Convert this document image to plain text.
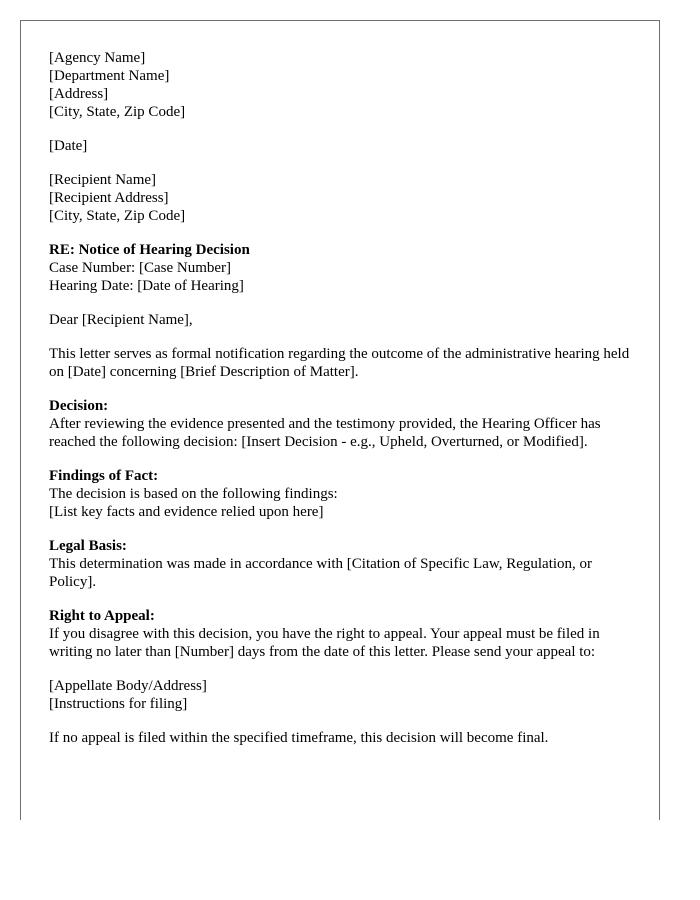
[Agency Name]
[Department Name]
[Address]
[City, State, Zip Code]
[Date]
[Recipient Name]
[Recipient Address]
[City, State, Zip Code]
RE: Notice of Hearing Decision
Case Number: [Case Number]
Hearing Date: [Date of Hearing]
Dear [Recipient Name],
This letter serves as formal notification regarding the outcome of the administrative hearing held on [Date] concerning [Brief Description of Matter].
Decision:
After reviewing the evidence presented and the testimony provided, the Hearing Officer has reached the following decision: [Insert Decision - e.g., Upheld, Overturned, or Modified].
Findings of Fact:
The decision is based on the following findings:
[List key facts and evidence relied upon here]
Legal Basis:
This determination was made in accordance with [Citation of Specific Law, Regulation, or Policy].
Right to Appeal:
If you disagree with this decision, you have the right to appeal. Your appeal must be filed in writing no later than [Number] days from the date of this letter. Please send your appeal to:
[Appellate Body/Address]
[Instructions for filing]
If no appeal is filed within the specified timeframe, this decision will become final.
